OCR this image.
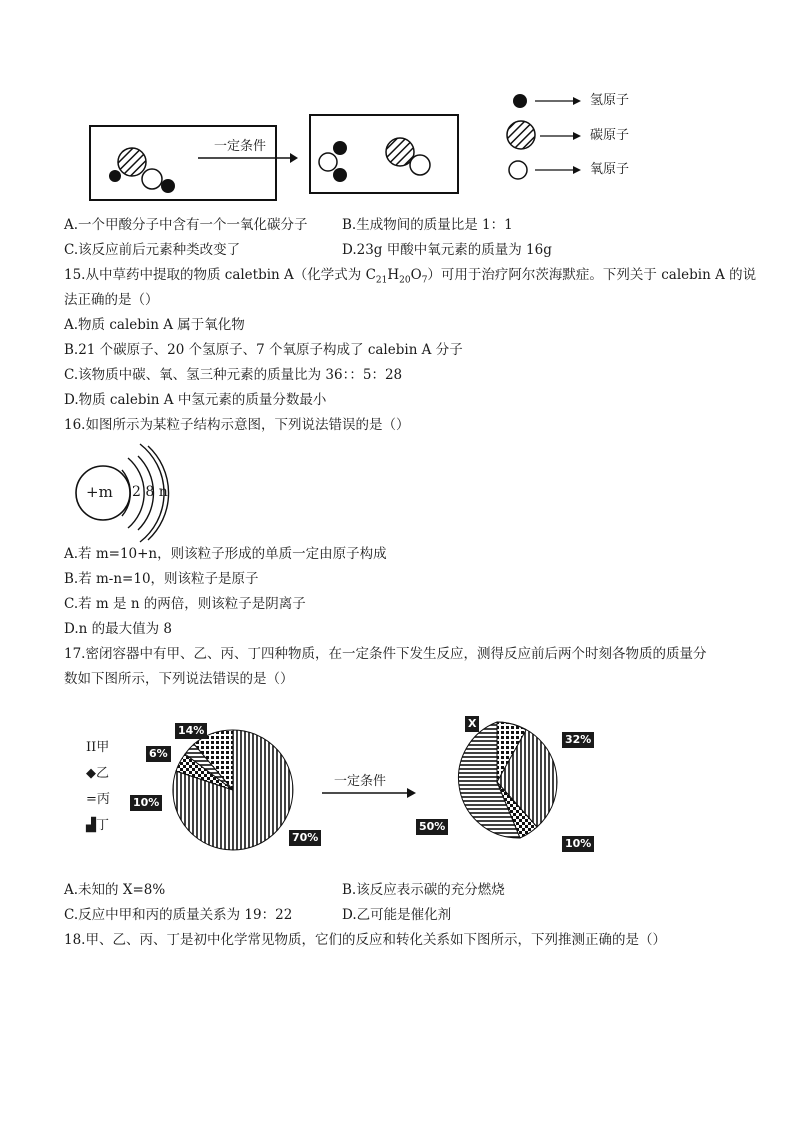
一定条件
氢原子
碳原子
氧原子
A.一个甲酸分子中含有一个一氧化碳分子	B.生成物间的质量比是 1：1
C.该反应前后元素种类改变了	D.23g 甲酸中氧元素的质量为 16g
15.从中草药中提取的物质 caletbin A（化学式为 $C_{21}H_{20}O_7$）可用于治疗阿尔茨海默症。下列关于 calebin A 的说
法正确的是（）
A.物质 calebin A 属于氧化物
B.21 个碳原子、20 个氢原子、7 个氧原子构成了 calebin A 分子
C.该物质中碳、氧、氢三种元素的质量比为 36：：5：28
D.物质 calebin A 中氢元素的质量分数最小
16.如图所示为某粒子结构示意图，下列说法错误的是（）
+m 2 8 n
A.若 m=10+n，则该粒子形成的单质一定由原子构成
B.若 m-n=10，则该粒子是原子
C.若 m 是 n 的两倍，则该粒子是阴离子
D.n 的最大值为 8
17.密闭容器中有甲、乙、丙、丁四种物质，在一定条件下发生反应，测得反应前后两个时刻各物质的质量分
数如下图所示，下列说法错误的是（）
II甲
◆乙
=丙
▟丁
14%
6%
10%
70%
一定条件
X
32%
50%
10%
A.未知的 X=8%	B.该反应表示碳的充分燃烧
C.反应中甲和丙的质量关系为 19：22	D.乙可能是催化剂
18.甲、乙、丙、丁是初中化学常见物质，它们的反应和转化关系如下图所示，下列推测正确的是（）
